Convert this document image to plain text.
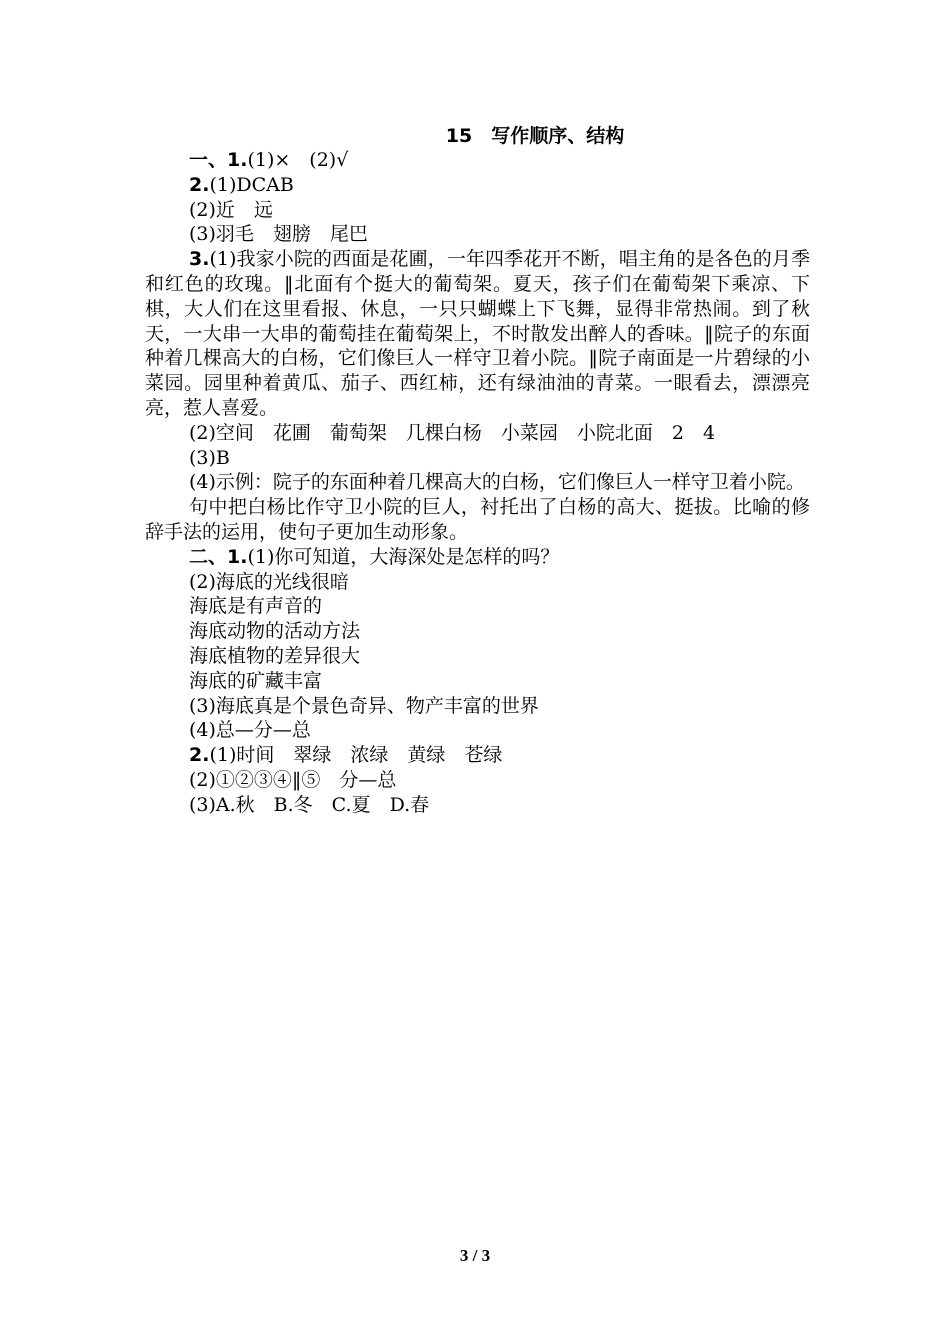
15　写作顺序、结构
一、1.(1)×　(2)√
2.(1)DCAB
(2)近　远
(3)羽毛　翅膀　尾巴

3.(1)我家小院的西面是花圃，一年四季花开不断，唱主角的是各色的月季和红色的玫瑰。‖北面有个挺大的葡萄架。夏天，孩子们在葡萄架下乘凉、下棋，大人们在这里看报、休息，一只只蝴蝶上下飞舞，显得非常热闹。到了秋天，一大串一大串的葡萄挂在葡萄架上，不时散发出醉人的香味。‖院子的东面种着几棵高大的白杨，它们像巨人一样守卫着小院。‖院子南面是一片碧绿的小菜园。园里种着黄瓜、茄子、西红柿，还有绿油油的青菜。一眼看去，漂漂亮亮，惹人喜爱。

(2)空间　花圃　葡萄架　几棵白杨　小菜园　小院北面　2　4
(3)B

(4)示例：院子的东面种着几棵高大的白杨，它们像巨人一样守卫着小院。

句中把白杨比作守卫小院的巨人，衬托出了白杨的高大、挺拔。比喻的修辞手法的运用，使句子更加生动形象。

二、1.(1)你可知道，大海深处是怎样的吗？
(2)海底的光线很暗
海底是有声音的
海底动物的活动方法
海底植物的差异很大
海底的矿藏丰富
(3)海底真是个景色奇异、物产丰富的世界
(4)总—分—总
2.(1)时间　翠绿　浓绿　黄绿　苍绿
(2)①②③④‖⑤　分—总
(3)A.秋　B.冬　C.夏　D.春
3 / 3
